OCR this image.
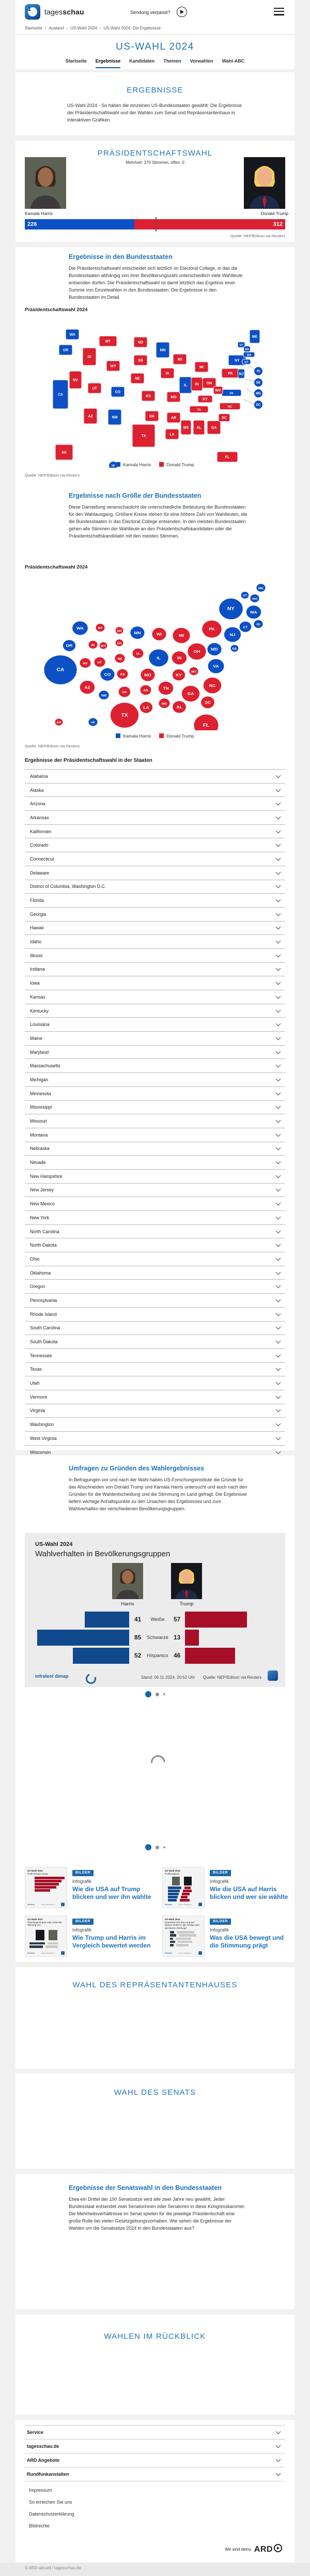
1	tagesschau	Sendung verpasst?
Startseite › Ausland › US-Wahl 2024 › US-Wahl 2024: Die Ergebnisse
US-WAHL 2024
Startseite Ergebnisse Kandidaten Themen Vorwahlen Wahl-ABC
ERGEBNISSE
US-Wahl 2024 - So haben die einzelnen US-Bundesstaaten gewählt: Die Ergebnisse der Präsidentschaftswahl und der Wahlen zum Senat und Repräsentantenhaus in interaktiven Grafiken.
PRÄSIDENTSCHAFTSWAHL
Mehrheit: 270 Stimmen, offen: 0
Kamala Harris	Donald Trump
226	312
Quelle: NEP/Edison via Reuters
Ergebnisse in den Bundesstaaten
Die Präsidentschaftswahl entscheidet sich letztlich im Electoral College, in das die Bundesstaaten abhängig von ihrer Bevölkerungszahl unterschiedlich viele Wahlleute entsenden dürfen. Die Präsidentschaftswahl ist damit letztlich das Ergebnis einer Summe von Einzelwahlen in den Bundesstaaten. Die Ergebnisse in den Bundesstaaten im Detail.
Präsidentschaftswahl 2024
WA
OR
CA
NV
ID
MT
WY
UT
AZ	NM
CO
ND
SD
NE
KS
OK
TX
MN
IA
MO
AR
LA
WI
IL
MI
IN OH
KY
TN
MS AL	GA
FL
SC
NC
VA
WV
PA
NY
ME
VT
NH
MA
CT
NJ
AK
RI
DE
MD
DC
HI	Kamala Harris	Donald Trump
Quelle: NEP/Edison via Reuters
Ergebnisse nach Größe der Bundesstaaten
Diese Darstellung veranschaulicht die unterschiedliche Bedeutung der Bundesstaaten für den Wahlausgang. Größere Kreise stehen für eine höhere Zahl von Wahlleuten, die die Bundesstaaten in das Electoral College entsenden. In den meisten Bundesstaaten gehen alle Stimmen der Wahlleute an den Präsidentschaftskandidaten oder die Präsidentschaftskandidatin mit den meisten Stimmen.
Präsidentschaftswahl 2024
AK
AL
AR
AZ
CA
CO
CT
DE
FL
GA
HI
IA
ID
IL	IN
KS	KY
LA
MA
MD
ME
MI
MN
MO
MS
MT
NC
ND
NE
NH
NJ
NM
NV
NY
OH
OK
OR
PA
RI
SC
SD
TN
TX
UT
VA
VT
WA
WI
WV
WY
Kamala Harris	Donald Trump
Quelle: NEP/Edison via Reuters
Ergebnisse der Präsidentschaftswahl in der Staaten
Alabama
Alaska
Arizona
Arkansas
Kalifornien
Colorado
Connecticut
Delaware
District of Columbia, Washington D.C.
Florida
Georgia
Hawaii
Idaho
Illinois
Indiana
Iowa
Kansas
Kentucky
Louisiana
Maine
Maryland
Massachusetts
Michigan
Minnesota
Mississippi
Missouri
Montana
Nebraska
Nevada
New Hampshire
New Jersey
New Mexico
New York
North Carolina
North Dakota
Ohio
Oklahoma
Oregon
Pennsylvania
Rhode Island
South Carolina
South Dakota
Tennessee
Texas
Utah
Vermont
Virginia
Washington
West Virginia
Wisconsin
Umfragen zu Gründen des Wahlergebnisses
In Befragungen vor und nach der Wahl haben US-Forschungsinstitute die Gründe für das Abschneiden von Donald Trump und Kamala Harris untersucht und auch nach den Gründen für die Wahlentscheidung und die Stimmung im Land gefragt. Die Ergebnisse liefern wichtige Anhaltspunkte zu den Ursachen des Ergebnisses und zum Wahlverhalten der verschiedenen Bevölkerungsgruppen.
US-Wahl 2024
Wahlverhalten in Bevölkerungsgruppen
Harris	Trump
41	Weiße	57
85	Schwarze 13
52	Hispanics 46
infratest dimap	Stand: 06.11.2024, 20:52 Uhr Quelle: NEP/Edison via Reuters
US-Wahl 2024
Profil Donald Trump
infratest	Quelle: NEP/Edison
BILDER
Infografik
Wie die USA auf Trump blicken und wer ihn wählte
US-Wahl 2024
Profilvergleich
infratest	Quelle: NEP/Edison
BILDER
Infografik
Wie die USA auf Harris blicken und wer sie wählte
US-Wahl 2024
Überwiegend gute oder schlechte Meinung von...
infratest	Quelle: NEP/Edison
BILDER
Infografik
Wie Trump und Harris im Vergleich bewertet werden
US-Wahl 2024
Entwickelt sich das Land auf diesem Gebiet in die richtige oder die falsche Richtung?
infratest	Quelle: NEP/Edison
BILDER
Infografik
Was die USA bewegt und die Stimmung prägt
WAHL DES REPRÄSENTANTENHAUSES
WAHL DES SENATS
Ergebnisse der Senatswahl in den Bundesstaaten
Etwa ein Drittel der 100 Senatssitze wird alle zwei Jahre neu gewählt. Jeder Bundesstaat entsendet zwei Senatorinnen oder Senatoren in diese Kongresskammer. Die Mehrheitsverhältnisse im Senat spielen für die jeweilige Präsidentschaft eine große Rolle bei vielen Gesetzgebungsvorhaben. Wie sehen die Ergebnisse der Wahlen um die Senatssitze 2024 in den Bundesstaaten aus?
WAHLEN IM RÜCKBLICK
Service
tagesschau.de
ARD Angebote
Rundfunkanstalten
Impressum
So erreichen Sie uns
Datenschutzerklärung
Bildrechte
Wir sind deins. ARD
© ARD-aktuell / tagesschau.de
